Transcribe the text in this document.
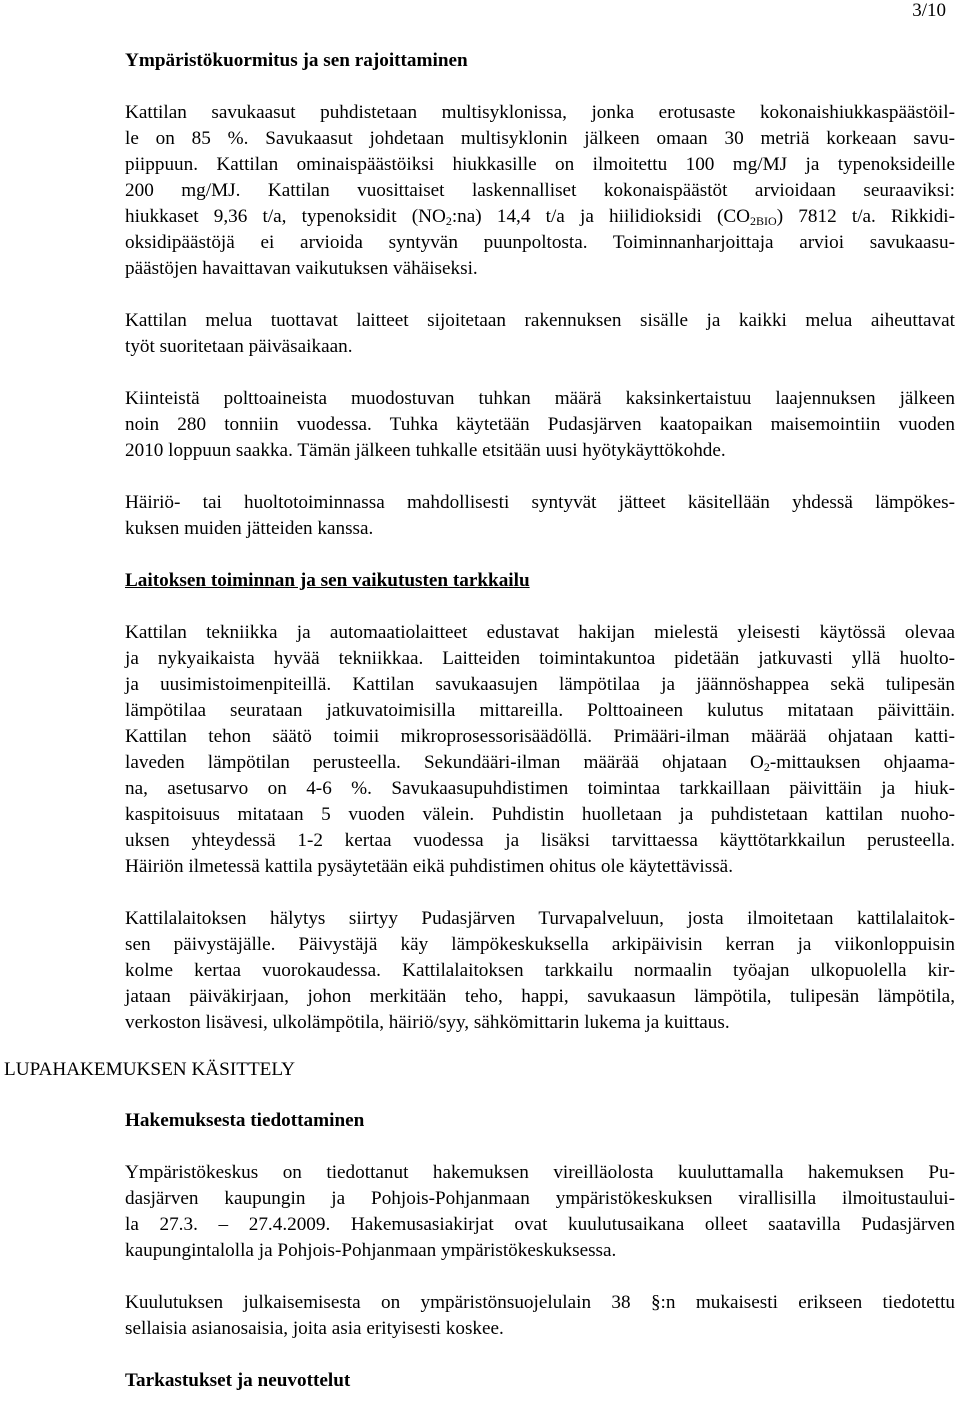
3/10
Ympäristökuormitus ja sen rajoittaminen

Kattilan savukaasut puhdistetaan multisyklonissa, jonka erotusaste kokonaishiukkaspäästöil-

le on 85 %. Savukaasut johdetaan multisyklonin jälkeen omaan 30 metriä korkeaan savu-

piippuun. Kattilan ominaispäästöiksi hiukkasille on ilmoitettu 100 mg/MJ ja typenoksideille

200 mg/MJ. Kattilan vuosittaiset laskennalliset kokonaispäästöt arvioidaan seuraaviksi:

hiukkaset 9,36 t/a, typenoksidit $(NO_2:na)$ 14,4 t/a ja hiilidioksidi $(CO_{2BIO})$ 7812 t/a. Rikkidi-

oksidipäästöjä ei arvioida syntyvän puunpoltosta. Toiminnanharjoittaja arvioi savukaasu-

päästöjen havaittavan vaikutuksen vähäiseksi.

Kattilan melua tuottavat laitteet sijoitetaan rakennuksen sisälle ja kaikki melua aiheuttavat

työt suoritetaan päiväsaikaan.

Kiinteistä polttoaineista muodostuvan tuhkan määrä kaksinkertaistuu laajennuksen jälkeen

noin 280 tonniin vuodessa. Tuhka käytetään Pudasjärven kaatopaikan maisemointiin vuoden

2010 loppuun saakka. Tämän jälkeen tuhkalle etsitään uusi hyötykäyttökohde.

Häiriö- tai huoltotoiminnassa mahdollisesti syntyvät jätteet käsitellään yhdessä lämpökes-

kuksen muiden jätteiden kanssa.

Laitoksen toiminnan ja sen vaikutusten tarkkailu

Kattilan tekniikka ja automaatiolaitteet edustavat hakijan mielestä yleisesti käytössä olevaa

ja nykyaikaista hyvää tekniikkaa. Laitteiden toimintakuntoa pidetään jatkuvasti yllä huolto-

ja uusimistoimenpiteillä. Kattilan savukaasujen lämpötilaa ja jäännöshappea sekä tulipesän

lämpötilaa seurataan jatkuvatoimisilla mittareilla. Polttoaineen kulutus mitataan päivittäin.

Kattilan tehon säätö toimii mikroprosessorisäädöllä. Primääri-ilman määrää ohjataan katti-

laveden lämpötilan perusteella. Sekundääri-ilman määrää ohjataan $O_2$-mittauksen ohjaama-

na, asetusarvo on 4-6 %. Savukaasupuhdistimen toimintaa tarkkaillaan päivittäin ja hiuk-

kaspitoisuus mitataan 5 vuoden välein. Puhdistin huolletaan ja puhdistetaan kattilan nuoho-

uksen yhteydessä 1-2 kertaa vuodessa ja lisäksi tarvittaessa käyttötarkkailun perusteella.

Häiriön ilmetessä kattila pysäytetään eikä puhdistimen ohitus ole käytettävissä.

Kattilalaitoksen hälytys siirtyy Pudasjärven Turvapalveluun, josta ilmoitetaan kattilalaitok-

sen päivystäjälle. Päivystäjä käy lämpökeskuksella arkipäivisin kerran ja viikonloppuisin

kolme kertaa vuorokaudessa. Kattilalaitoksen tarkkailu normaalin työajan ulkopuolella kir-

jataan päiväkirjaan, johon merkitään teho, happi, savukaasun lämpötila, tulipesän lämpötila,

verkoston lisävesi, ulkolämpötila, häiriö/syy, sähkömittarin lukema ja kuittaus.

LUPAHAKEMUKSEN KÄSITTELY
Hakemuksesta tiedottaminen

Ympäristökeskus on tiedottanut hakemuksen vireilläolosta kuuluttamalla hakemuksen Pu-

dasjärven kaupungin ja Pohjois-Pohjanmaan ympäristökeskuksen virallisilla ilmoitustaului-

la 27.3. – 27.4.2009. Hakemusasiakirjat ovat kuulutusaikana olleet saatavilla Pudasjärven

kaupungintalolla ja Pohjois-Pohjanmaan ympäristökeskuksessa.

Kuulutuksen julkaisemisesta on ympäristönsuojelulain 38 §:n mukaisesti erikseen tiedotettu

sellaisia asianosaisia, joita asia erityisesti koskee.

Tarkastukset ja neuvottelut
